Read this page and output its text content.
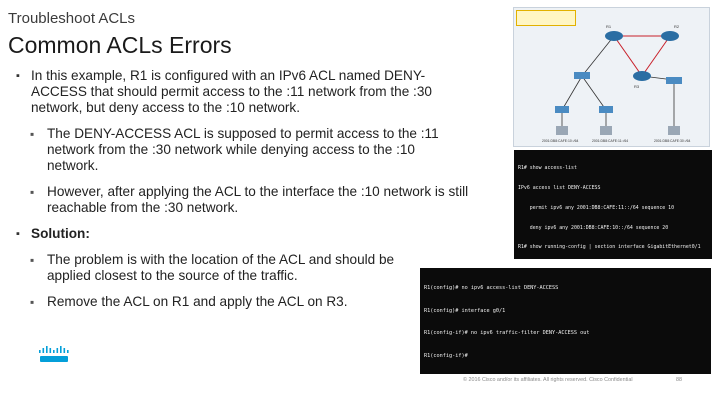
Troubleshoot ACLs
Common ACLs Errors
▪ In this example, R1 is configured with an IPv6 ACL named DENY-ACCESS that should permit access to the :11 network from the :30 network, but deny access to the :10 network.
▪ The DENY-ACCESS ACL is supposed to permit access to the :11 network from the :30 network while denying access to the :10 network.
▪ However, after applying the ACL to the interface the :10 network is still reachable from the :30 network.
▪ Solution:
▪ The problem is with the location of the ACL and should be applied closest to the source of the traffic.
▪ Remove the ACL on R1 and apply the ACL on R3.
R1	R2
R3
2001:DB8:CAFE:10::/64	2001:DB8:CAFE:11::/64	2001:DB8:CAFE:30::/64

R1# show access-list

IPv6 access list DENY-ACCESS

permit ipv6 any 2001:DB8:CAFE:11::/64 sequence 10

deny ipv6 any 2001:DB8:CAFE:10::/64 sequence 20

R1# show running-config | section interface GigabitEthernet0/1

R1(config)# no ipv6 access-list DENY-ACCESS

R1(config)# interface g0/1

R1(config-if)# no ipv6 traffic-filter DENY-ACCESS out

R1(config-if)#

© 2016 Cisco and/or its affiliates. All rights reserved. Cisco Confidential	88
